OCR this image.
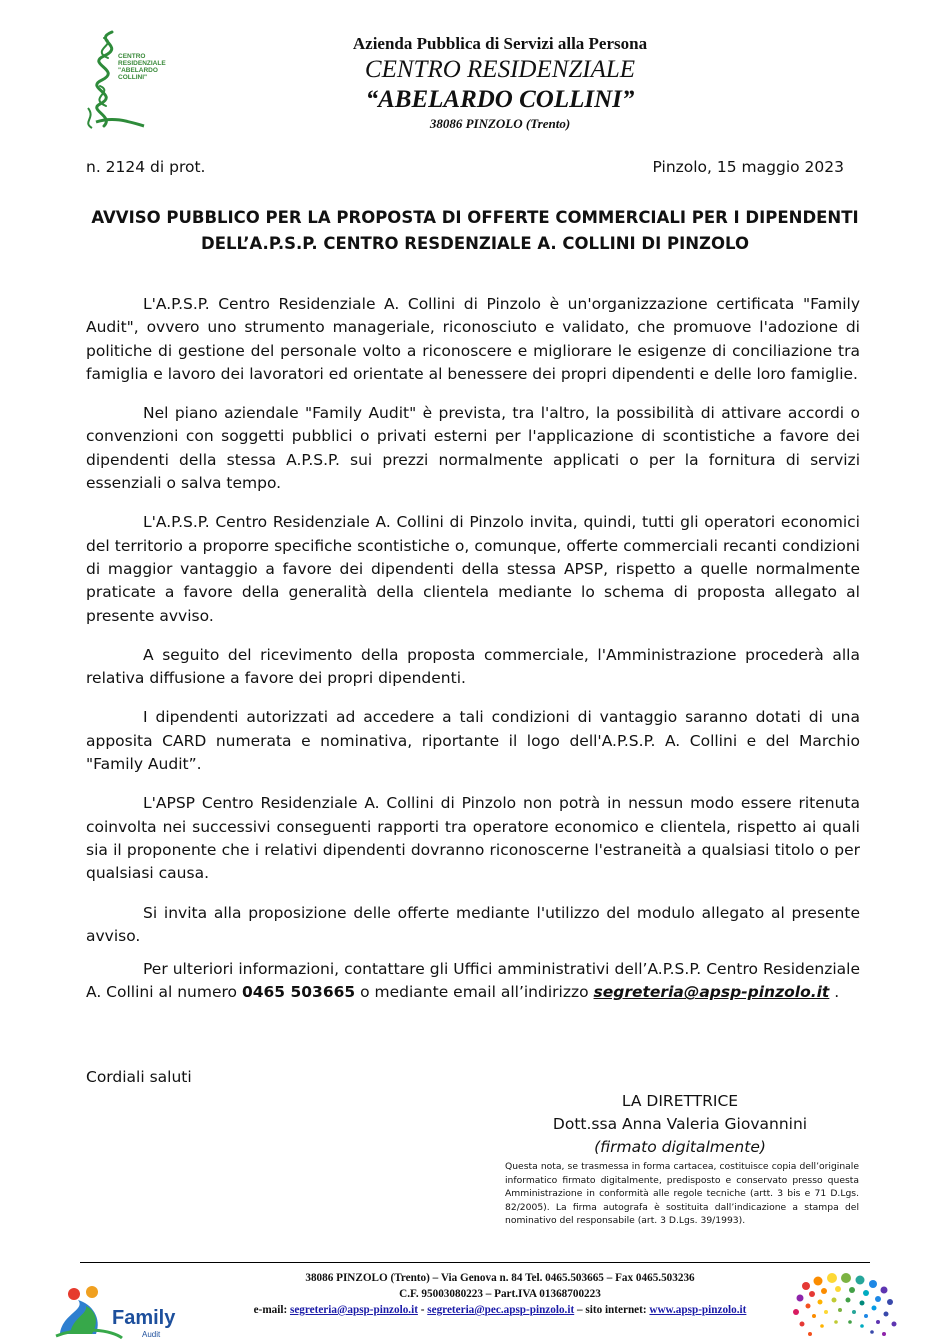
CENTRO
RESIDENZIALE
"ABELARDO
COLLINI"
Azienda Pubblica di Servizi alla Persona
CENTRO RESIDENZIALE
“ABELARDO COLLINI”
38086 PINZOLO (Trento)
n. 2124 di prot.	Pinzolo, 15 maggio 2023
AVVISO PUBBLICO PER LA PROPOSTA DI OFFERTE COMMERCIALI PER I DIPENDENTI
DELL’A.P.S.P. CENTRO RESDENZIALE A. COLLINI DI PINZOLO

L'A.P.S.P. Centro Residenziale A. Collini di Pinzolo è un'organizzazione certificata "Family Audit", ovvero uno strumento manageriale, riconosciuto e validato, che promuove l'adozione di politiche di gestione del personale volto a riconoscere e migliorare le esigenze di conciliazione tra famiglia e lavoro dei lavoratori ed orientate al benessere dei propri dipendenti e delle loro famiglie.

Nel piano aziendale "Family Audit" è prevista, tra l'altro, la possibilità di attivare accordi o convenzioni con soggetti pubblici o privati esterni per l'applicazione di scontistiche a favore dei dipendenti della stessa A.P.S.P. sui prezzi normalmente applicati o per la fornitura di servizi essenziali o salva tempo.

L'A.P.S.P. Centro Residenziale A. Collini di Pinzolo invita, quindi, tutti gli operatori economici del territorio a proporre specifiche scontistiche o, comunque, offerte commerciali recanti condizioni di maggior vantaggio a favore dei dipendenti della stessa APSP, rispetto a quelle normalmente praticate a favore della generalità della clientela mediante lo schema di proposta allegato al presente avviso.

A seguito del ricevimento della proposta commerciale, l'Amministrazione procederà alla relativa diffusione a favore dei propri dipendenti.

I dipendenti autorizzati ad accedere a tali condizioni di vantaggio saranno dotati di una apposita CARD numerata e nominativa, riportante il logo dell'A.P.S.P. A. Collini e del Marchio "Family Audit”.

L'APSP Centro Residenziale A. Collini di Pinzolo non potrà in nessun modo essere ritenuta coinvolta nei successivi conseguenti rapporti tra operatore economico e clientela, rispetto ai quali sia il proponente che i relativi dipendenti dovranno riconoscerne l'estraneità a qualsiasi titolo o per qualsiasi causa.

Si invita alla proposizione delle offerte mediante l'utilizzo del modulo allegato al presente avviso.

Per ulteriori informazioni, contattare gli Uffici amministrativi dell’A.P.S.P. Centro Residenziale A. Collini al numero 0465 503665 o mediante email all’indirizzo segreteria@apsp-pinzolo.it .

Cordiali saluti
LA DIRETTRICE
Dott.ssa Anna Valeria Giovannini
(firmato digitalmente)
Questa nota, se trasmessa in forma cartacea, costituisce copia dell’originale informatico firmato digitalmente, predisposto e conservato presso questa Amministrazione in conformità alle regole tecniche (artt. 3 bis e 71 D.Lgs. 82/2005). La firma autografa è sostituita dall’indicazione a stampa del nominativo del responsabile (art. 3 D.Lgs. 39/1993).
Family
Audit
38086 PINZOLO (Trento) – Via Genova n. 84 Tel. 0465.503665 – Fax 0465.503236
C.F. 95003080223 – Part.IVA 01368700223
e-mail: segreteria@apsp-pinzolo.it - segreteria@pec.apsp-pinzolo.it – sito internet: www.apsp-pinzolo.it
